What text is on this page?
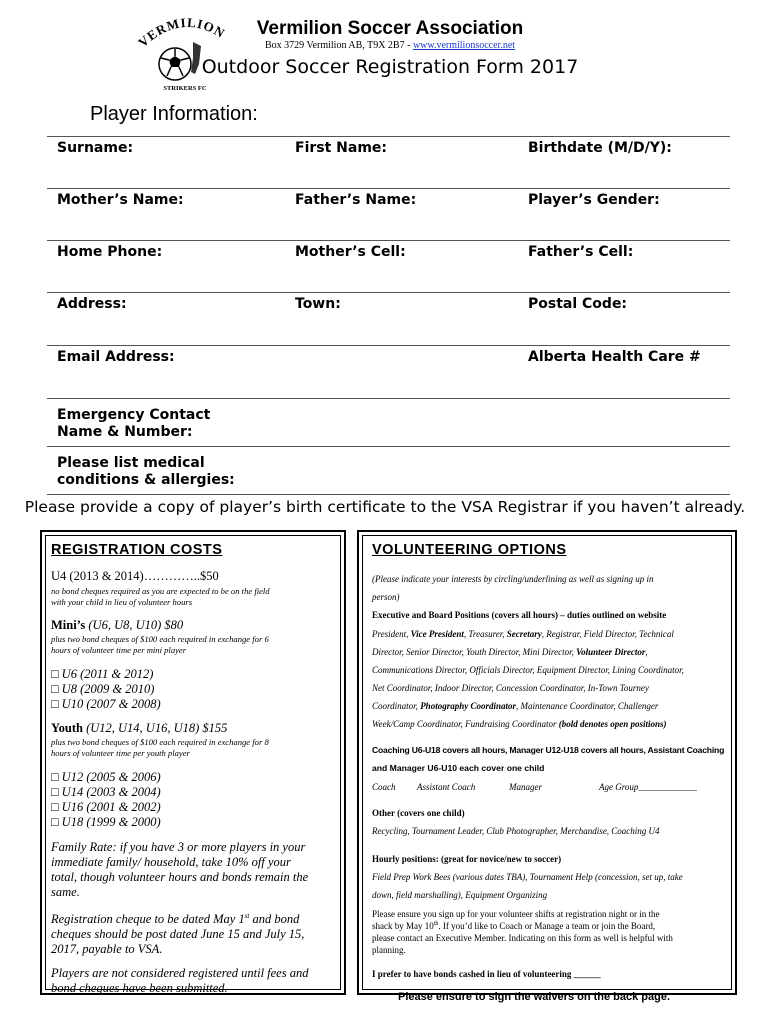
VERMILION
STRIKERS FC
Vermilion Soccer Association
Box 3729 Vermilion AB, T9X 2B7 - www.vermilionsoccer.net
Outdoor Soccer Registration Form 2017
Player Information:
Surname:	First Name:	Birthdate (M/D/Y):
Mother’s Name:	Father’s Name:	Player’s Gender:
Home Phone:	Mother’s Cell:	Father’s Cell:
Address:	Town:	Postal Code:
Email Address:	Alberta Health Care #
Emergency Contact
Name & Number:
Please list medical
conditions & allergies:
Please provide a copy of player’s birth certificate to the VSA Registrar if you haven’t already.
REGISTRATION COSTS
U4 (2013 & 2014)…………..$50
no bond cheques required as you are expected to be on the field
with your child in lieu of volunteer hours
Mini’s (U6, U8, U10) $80
plus two bond cheques of $100 each required in exchange for 6
hours of volunteer time per mini player
□ U6 (2011 & 2012)
□ U8 (2009 & 2010)
□ U10 (2007 & 2008)
Youth (U12, U14, U16, U18) $155
plus two bond cheques of $100 each required in exchange for 8
hours of volunteer time per youth player
□ U12 (2005 & 2006)
□ U14 (2003 & 2004)
□ U16 (2001 & 2002)
□ U18 (1999 & 2000)
Family Rate: if you have 3 or more players in your
immediate family/ household, take 10% off your
total, though volunteer hours and bonds remain the
same.
Registration cheque to be dated May 1st and bond
cheques should be post dated June 15 and July 15,
2017, payable to VSA.
Players are not considered registered until fees and
bond cheques have been submitted.
VOLUNTEERING OPTIONS
(Please indicate your interests by circling/underlining as well as signing up in
person)
Executive and Board Positions (covers all hours) – duties outlined on website
President, Vice President, Treasurer, Secretary, Registrar, Field Director, Technical
Director, Senior Director, Youth Director, Mini Director, Volunteer Director,
Communications Director, Officials Director, Equipment Director, Lining Coordinator,
Net Coordinator, Indoor Director, Concession Coordinator, In-Town Tourney
Coordinator, Photography Coordinator, Maintenance Coordinator, Challenger
Week/Camp Coordinator, Fundraising Coordinator (bold denotes open positions)
Coaching U6-U18 covers all hours, Manager U12-U18 covers all hours, Assistant Coaching
and Manager U6-U10 each cover one child
Coach Assistant Coach	Manager	Age Group_____________
Other (covers one child)
Recycling, Tournament Leader, Club Photographer, Merchandise, Coaching U4
Hourly positions: (great for novice/new to soccer)
Field Prep Work Bees (various dates TBA), Tournament Help (concession, set up, take
down, field marshalling), Equipment Organizing
Please ensure you sign up for your volunteer shifts at registration night or in the
shack by May 10th. If you’d like to Coach or Manage a team or join the Board,
please contact an Executive Member. Indicating on this form as well is helpful with
planning.
I prefer to have bonds cashed in lieu of volunteering ______
Please ensure to sign the waivers on the back page.
